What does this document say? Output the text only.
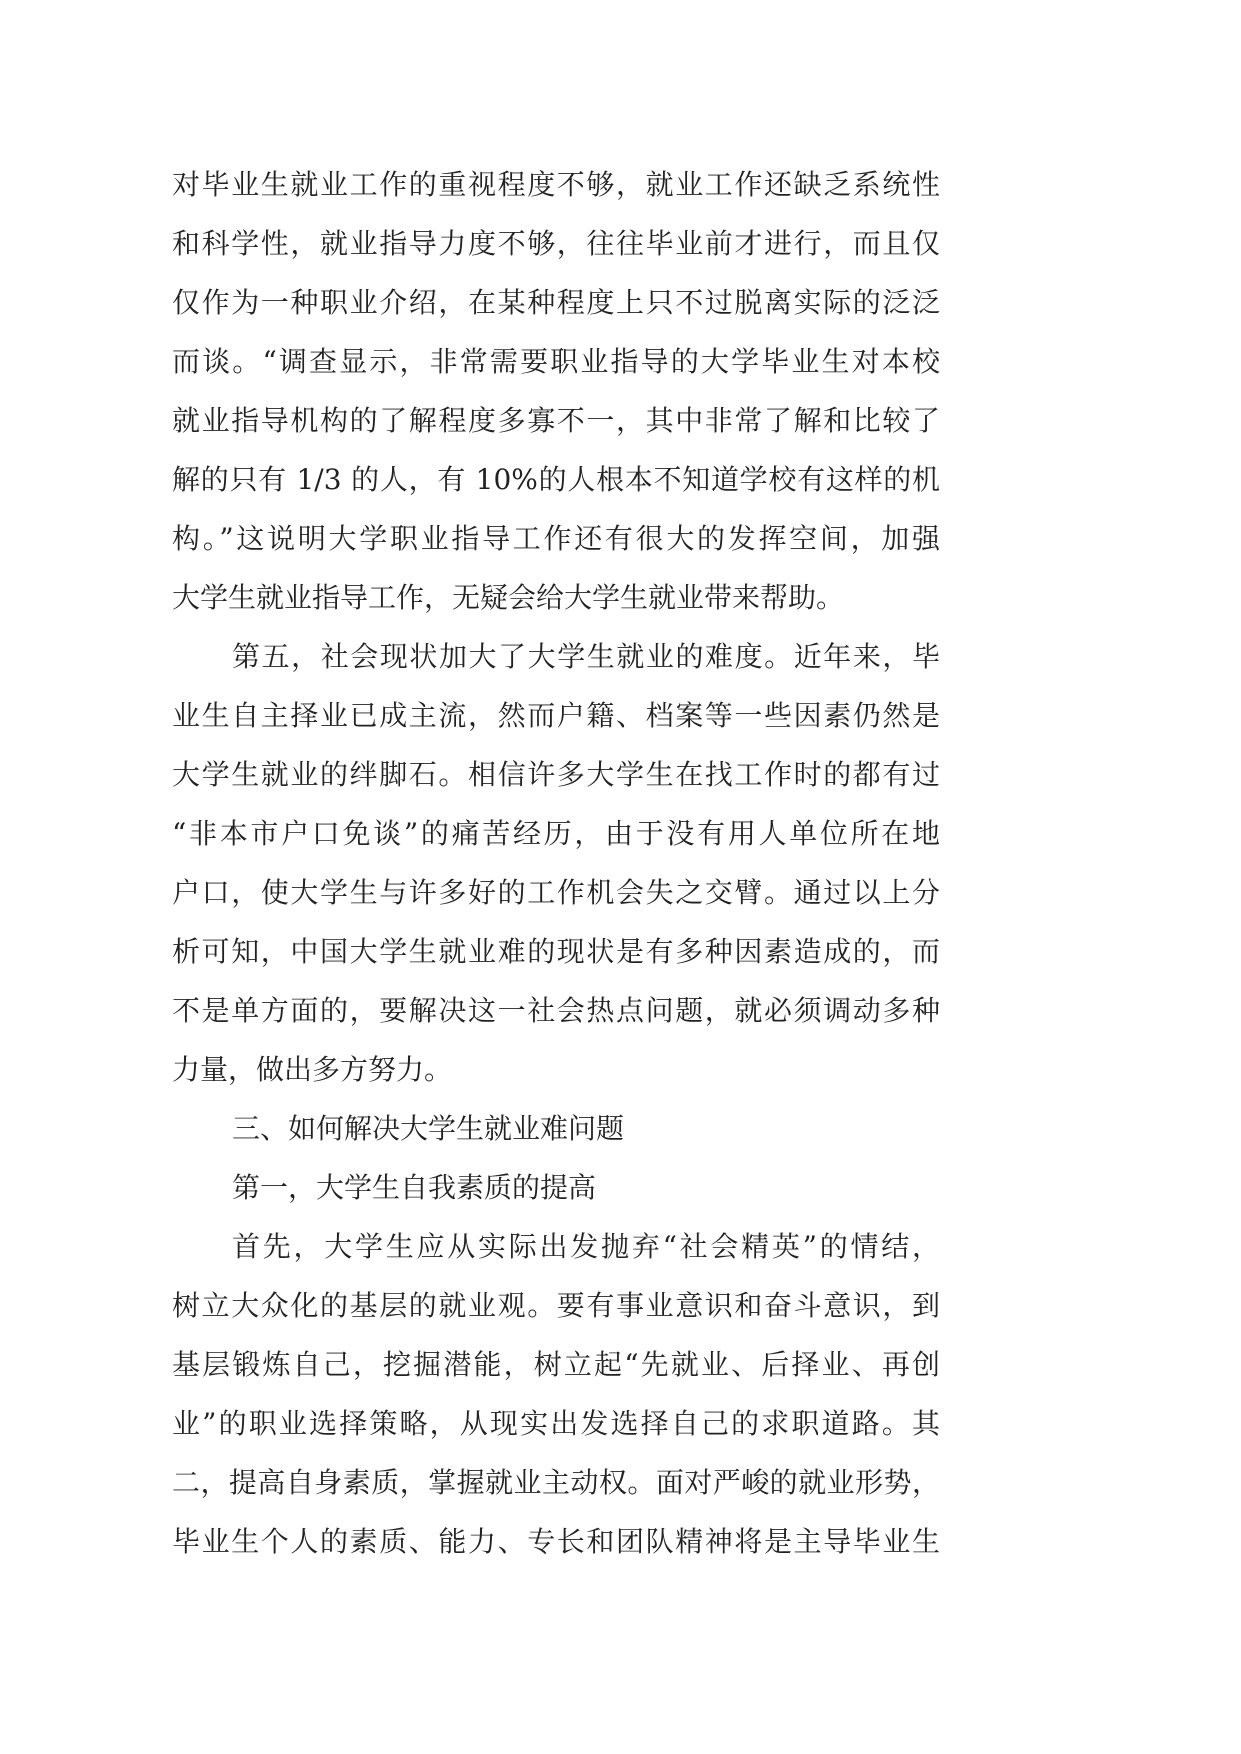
对毕业生就业工作的重视程度不够，就业工作还缺乏系统性
和科学性，就业指导力度不够，往往毕业前才进行，而且仅
仅作为一种职业介绍，在某种程度上只不过脱离实际的泛泛
而谈。“调查显示，非常需要职业指导的大学毕业生对本校
就业指导机构的了解程度多寡不一，其中非常了解和比较了
解的只有 1/3 的人，有 10%的人根本不知道学校有这样的机
构。”这说明大学职业指导工作还有很大的发挥空间，加强
大学生就业指导工作，无疑会给大学生就业带来帮助。
第五，社会现状加大了大学生就业的难度。近年来，毕
业生自主择业已成主流，然而户籍、档案等一些因素仍然是
大学生就业的绊脚石。相信许多大学生在找工作时的都有过
“非本市户口免谈”的痛苦经历，由于没有用人单位所在地
户口，使大学生与许多好的工作机会失之交臂。通过以上分
析可知，中国大学生就业难的现状是有多种因素造成的，而
不是单方面的，要解决这一社会热点问题，就必须调动多种
力量，做出多方努力。
三、如何解决大学生就业难问题
第一，大学生自我素质的提高
首先，大学生应从实际出发抛弃“社会精英”的情结，
树立大众化的基层的就业观。要有事业意识和奋斗意识，到
基层锻炼自己，挖掘潜能，树立起“先就业、后择业、再创
业”的职业选择策略，从现实出发选择自己的求职道路。其
二，提高自身素质，掌握就业主动权。面对严峻的就业形势，
毕业生个人的素质、能力、专长和团队精神将是主导毕业生
